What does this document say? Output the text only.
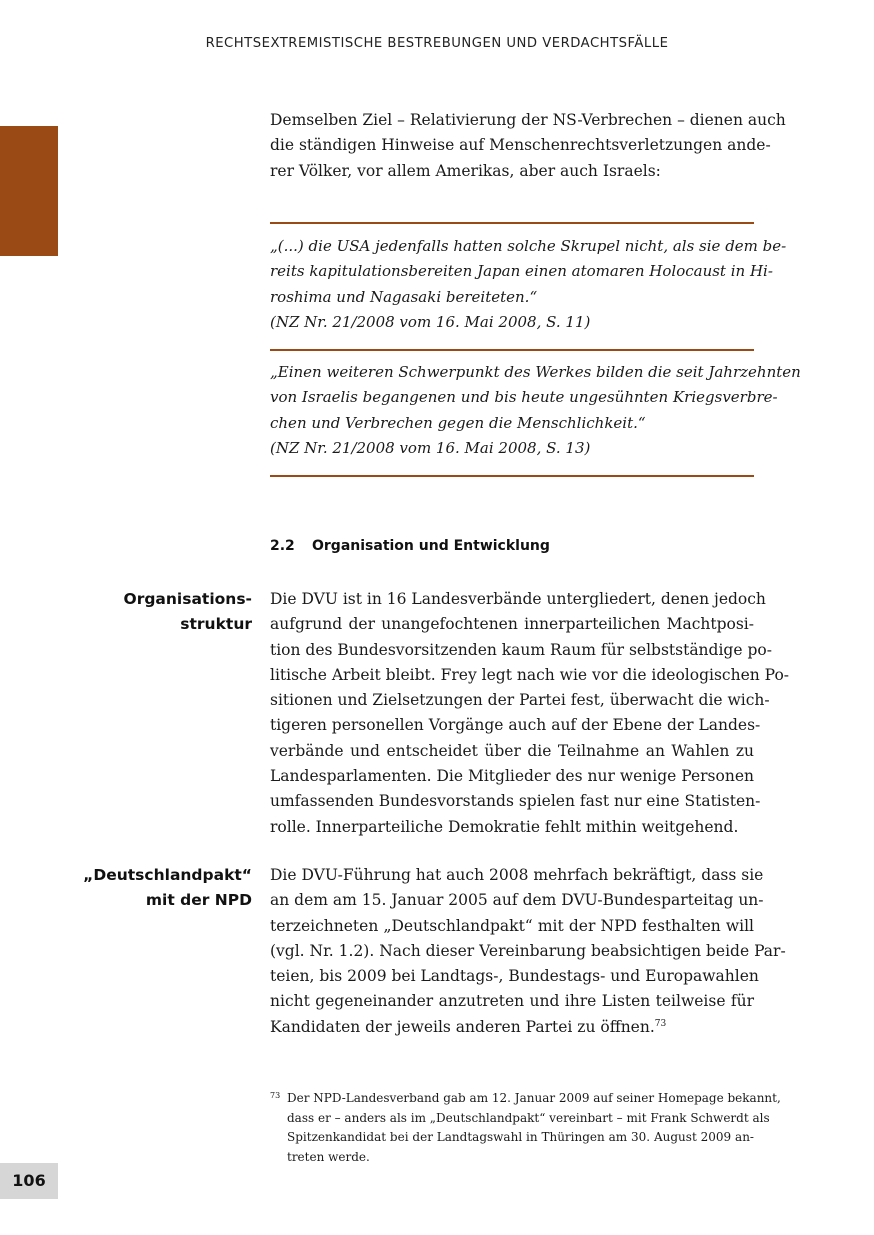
RECHTSEXTREMISTISCHE BESTREBUNGEN UND VERDACHTSFÄLLE
Demselben Ziel – Relativierung der NS-Verbrechen – dienen auch
die ständigen Hinweise auf Menschenrechtsverletzungen ande-
rer Völker, vor allem Amerikas, aber auch Israels:
„(...) die USA jedenfalls hatten solche Skrupel nicht, als sie dem be-
reits kapitulationsbereiten Japan einen atomaren Holocaust in Hi-
roshima und Nagasaki bereiteten.“
(NZ Nr. 21/2008 vom 16. Mai 2008, S. 11)
„Einen weiteren Schwerpunkt des Werkes bilden die seit Jahrzehnten
von Israelis begangenen und bis heute ungesühnten Kriegsverbre-
chen und Verbrechen gegen die Menschlichkeit.“
(NZ Nr. 21/2008 vom 16. Mai 2008, S. 13)
2.2 Organisation und Entwicklung
Organisations-
struktur
Die DVU ist in 16 Landesverbände untergliedert, denen jedoch
aufgrund der unangefochtenen innerparteilichen Machtposi-
tion des Bundesvorsitzenden kaum Raum für selbstständige po-
litische Arbeit bleibt. Frey legt nach wie vor die ideologischen Po-
sitionen und Zielsetzungen der Partei fest, überwacht die wich-
tigeren personellen Vorgänge auch auf der Ebene der Landes-
verbände und entscheidet über die Teilnahme an Wahlen zu
Landesparlamenten. Die Mitglieder des nur wenige Personen
umfassenden Bundesvorstands spielen fast nur eine Statisten-
rolle. Innerparteiliche Demokratie fehlt mithin weitgehend.
„Deutschlandpakt“
mit der NPD
Die DVU-Führung hat auch 2008 mehrfach bekräftigt, dass sie
an dem am 15. Januar 2005 auf dem DVU-Bundesparteitag un-
terzeichneten „Deutschlandpakt“ mit der NPD festhalten will
(vgl. Nr. 1.2). Nach dieser Vereinbarung beabsichtigen beide Par-
teien, bis 2009 bei Landtags-, Bundestags- und Europawahlen
nicht gegeneinander anzutreten und ihre Listen teilweise für
Kandidaten der jeweils anderen Partei zu öffnen.$^{73}$
73 Der NPD-Landesverband gab am 12. Januar 2009 auf seiner Homepage bekannt,
dass er – anders als im „Deutschlandpakt“ vereinbart – mit Frank Schwerdt als
Spitzenkandidat bei der Landtagswahl in Thüringen am 30. August 2009 an-
treten werde.
106
